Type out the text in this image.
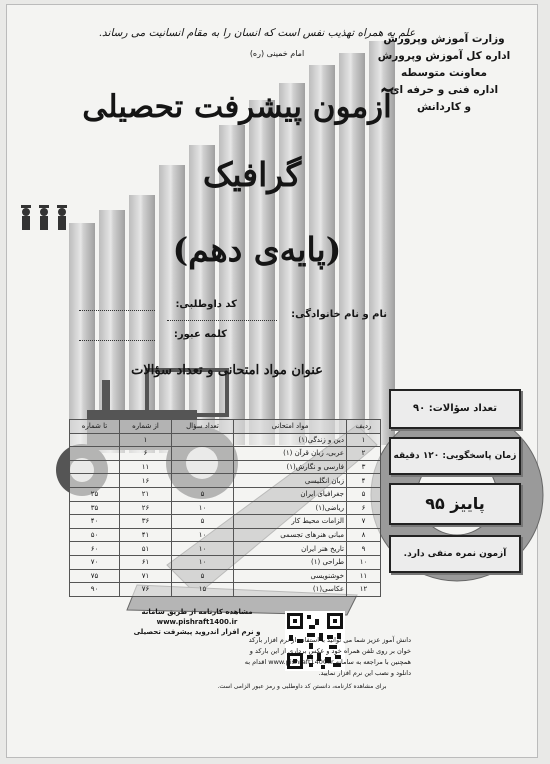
علم به همراه تهذیب نفس است که انسان را به مقام انسانیت می رساند.
امام خمینی (ره)
وزارت آموزش وپرورش
اداره کل آموزش وپرورش
معاونت متوسطه
اداره فنی و حرفه ای
و کاردانش
آزمون پیشرفت تحصیلی
گرافیک
(پایه‌ی دهم)
کد داوطلبی:
نام و نام خانوادگی:
کلمه عبور:
عنوان مواد امتحانی و تعداد سؤالات
ردیف	مواد امتحانی	تعداد سؤال	از شماره	تا شماره
۱	دین و زندگی(۱)		۱	
۲	عربی، زبان قرآن (۱)		۶	
۳	فارسی و نگارش(۱)		۱۱	
۴	زبان انگلیسی		۱۶	
۵	جغرافیای ایران	۵	۲۱	۲۵
۶	ریاضی(۱)	۱۰	۲۶	۳۵
۷	الزامات محیط کار	۵	۳۶	۴۰
۸	مبانی هنرهای تجسمی	۱۰	۴۱	۵۰
۹	تاریخ هنر ایران	۱۰	۵۱	۶۰
۱۰	طراحی (۱)	۱۰	۶۱	۷۰
۱۱	خوشنویسی	۵	۷۱	۷۵
۱۲	عکاسی(۱)	۱۵	۷۶	۹۰
تعداد سؤالات: ۹۰
زمان پاسخگویی: ۱۲۰ دقیقه
پاییز ۹۵
آزمون نمره منفی دارد.
مشاهده کارنامه از طریق سامانه
www.pishraft1400.ir
و نرم افزار اندروید پیشرفت تحصیلی
دانش آموز عزیز شما می توانید با استفاده از نرم افزار بارکد خوان بر روی تلفن همراه خود و عکس برداری از این بارکد و همچنین با مراجعه به سامانه www.pishraft1400.ir اقدام به دانلود و نصب این نرم افزار نمایید.
برای مشاهده کارنامه، دانستن کد داوطلبی و رمز عبور الزامی است.
